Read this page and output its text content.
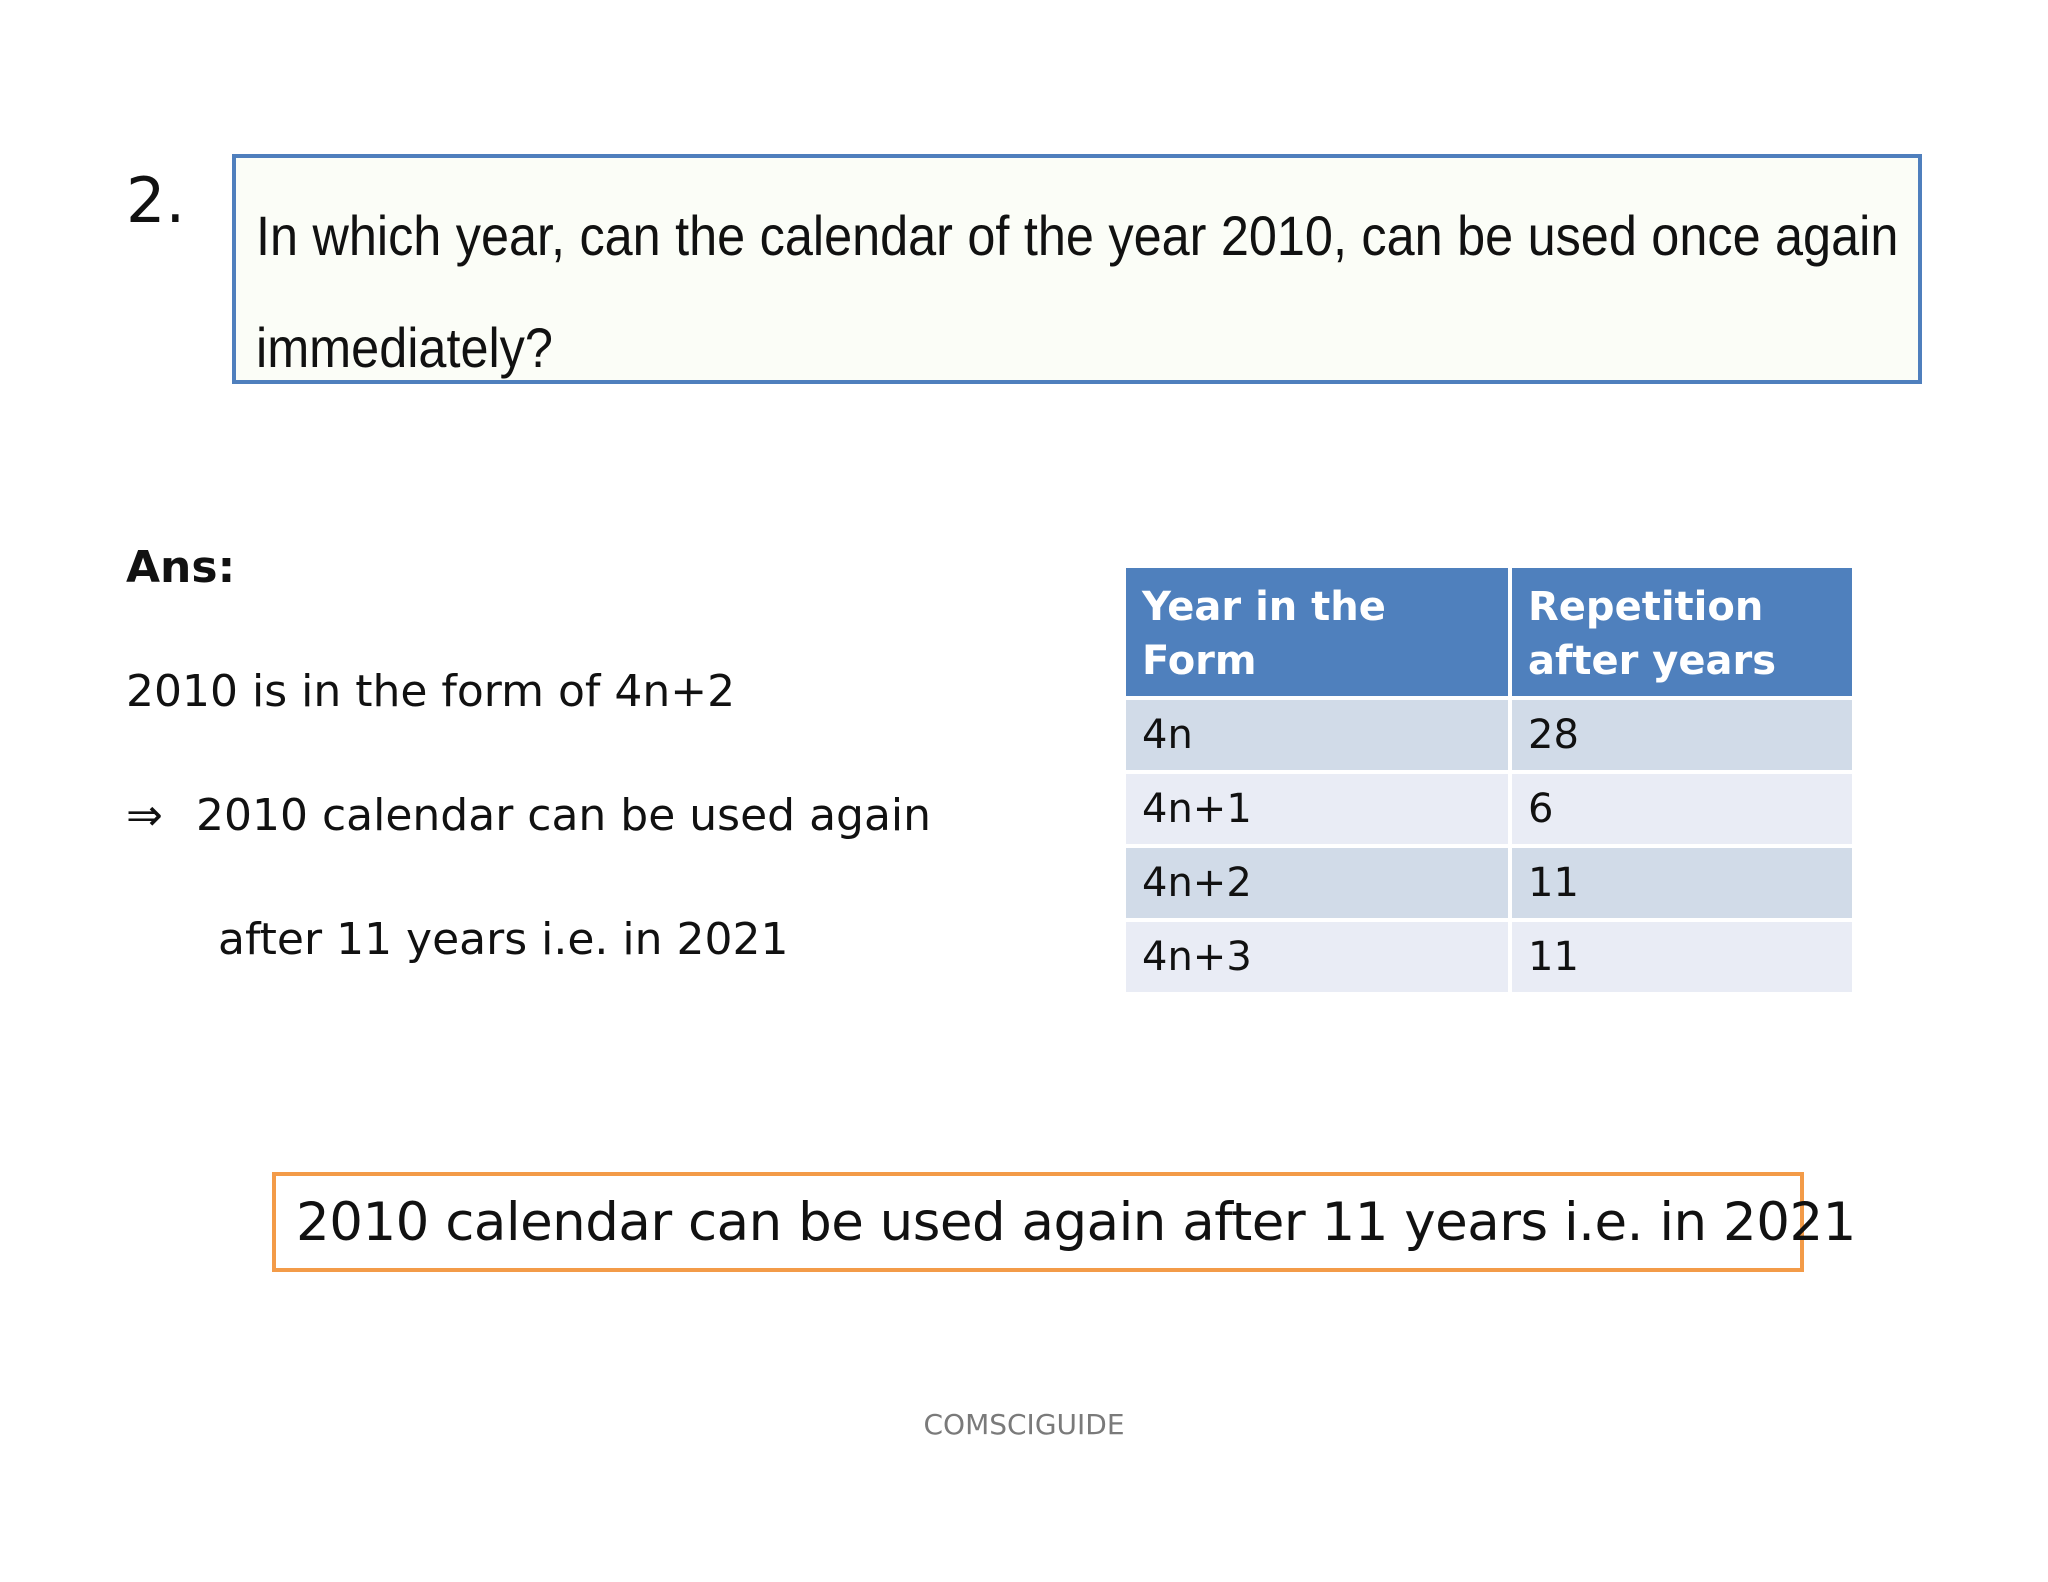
2. In which year, can the calendar of the year 2010, can be used once again immediately?
Ans:
2010 is in the form of 4n+2
⇒ 2010 calendar can be used again
after 11 years i.e. in 2021
Year in the Form	Repetition after years
4n	28
4n+1	6
4n+2	11
4n+3	11
2010 calendar can be used again after 11 years i.e. in 2021
COMSCIGUIDE
